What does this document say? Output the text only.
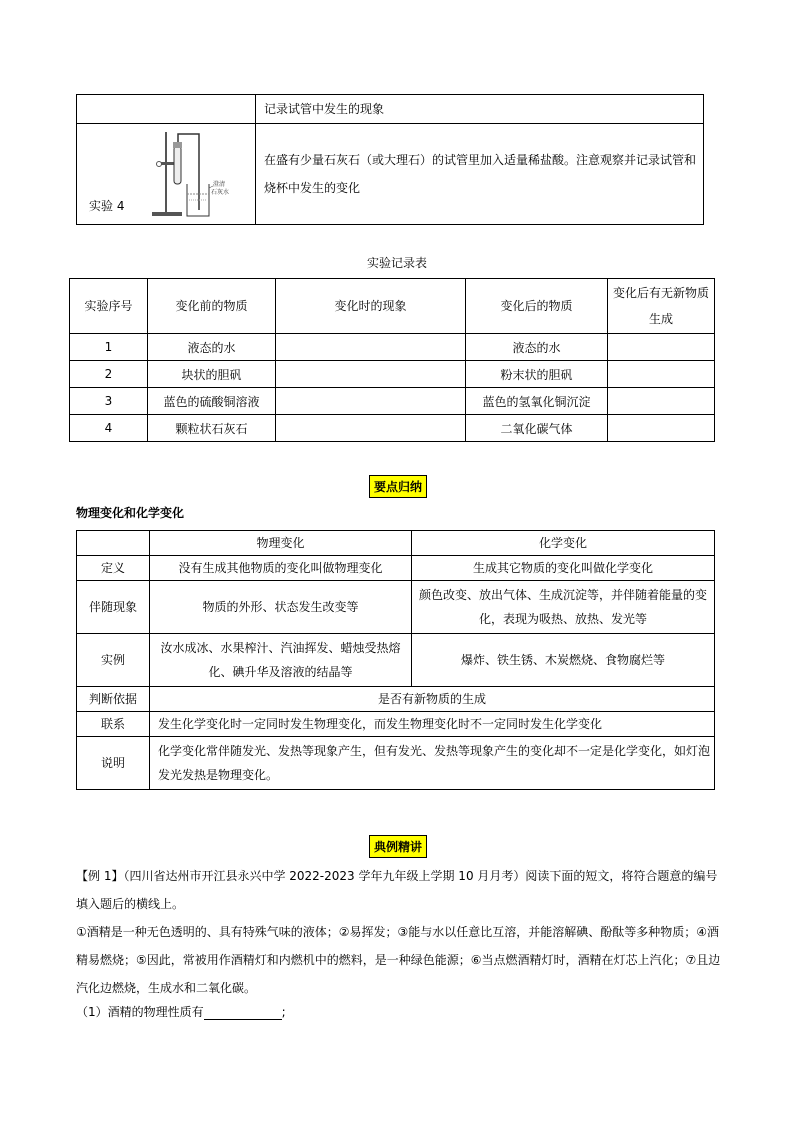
	记录试管中发生的现象

澄清
石灰水
实验 4	在盛有少量石灰石（或大理石）的试管里加入适量稀盐酸。注意观察并记录试管和烧杯中发生的变化
实验记录表
实验序号	变化前的物质	变化时的现象	变化后的物质	变化后有无新物质生成
1	液态的水		液态的水	
2	块状的胆矾		粉末状的胆矾	
3	蓝色的硫酸铜溶液		蓝色的氢氧化铜沉淀	
4	颗粒状石灰石		二氧化碳气体	
要点归纳
物理变化和化学变化
	物理变化	化学变化
定义	没有生成其他物质的变化叫做物理变化	生成其它物质的变化叫做化学变化
伴随现象	物质的外形、状态发生改变等	颜色改变、放出气体、生成沉淀等，并伴随着能量的变化，表现为吸热、放热、发光等
实例	汝水成冰、水果榨汁、汽油挥发、蜡烛受热熔化、碘升华及溶液的结晶等	爆炸、铁生锈、木炭燃烧、食物腐烂等
判断依据	是否有新物质的生成	
联系	发生化学变化时一定同时发生物理变化，而发生物理变化时不一定同时发生化学变化	
说明	化学变化常伴随发光、发热等现象产生，但有发光、发热等现象产生的变化却不一定是化学变化，如灯泡发光发热是物理变化。	
典例精讲
【例 1】（四川省达州市开江县永兴中学 2022-2023 学年九年级上学期 10 月月考）阅读下面的短文，将符合题意的编号填入题后的横线上。
①酒精是一种无色透明的、具有特殊气味的液体；②易挥发；③能与水以任意比互溶，并能溶解碘、酚酞等多种物质；④酒精易燃烧；⑤因此，常被用作酒精灯和内燃机中的燃料，是一种绿色能源；⑥当点燃酒精灯时，酒精在灯芯上汽化；⑦且边汽化边燃烧，生成水和二氧化碳。
（1）酒精的物理性质有	;
